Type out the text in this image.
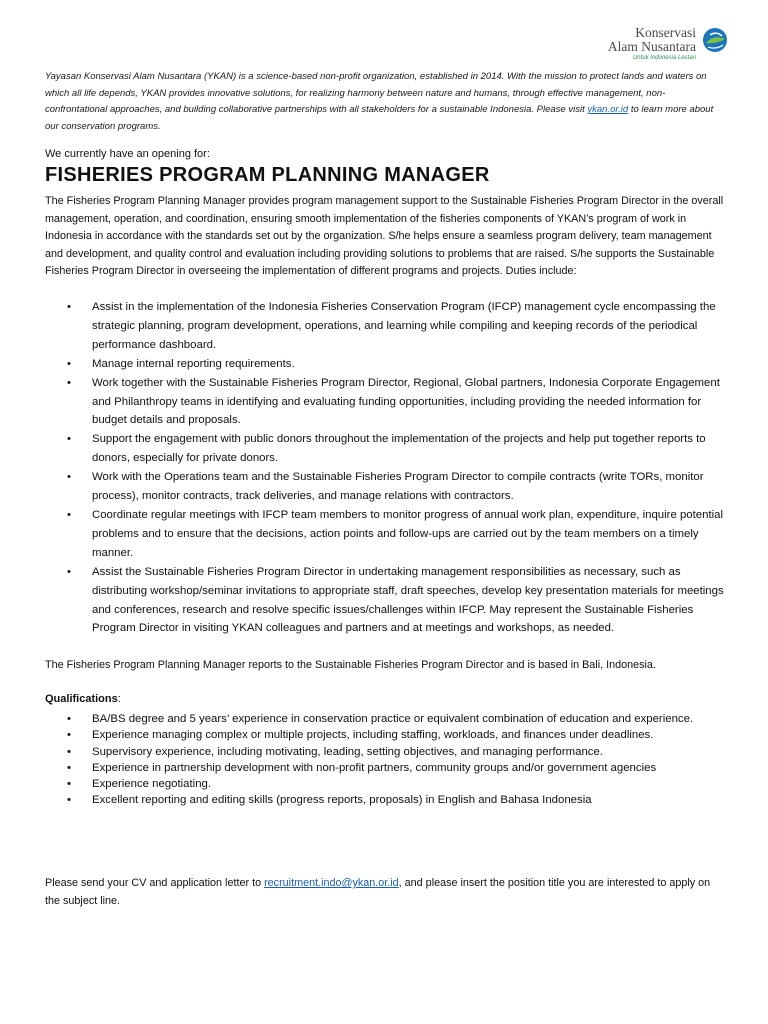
Konservasi
Alam Nusantara
Untuk Indonesia Lestari

Yayasan Konservasi Alam Nusantara (YKAN) is a science-based non-profit organization, established in 2014. With the mission to protect lands and waters on which all life depends, YKAN provides innovative solutions, for realizing harmony between nature and humans, through effective management, non-confrontational approaches, and building collaborative partnerships with all stakeholders for a sustainable Indonesia. Please visit ykan.or.id to learn more about our conservation programs.

We currently have an opening for:

FISHERIES PROGRAM PLANNING MANAGER

The Fisheries Program Planning Manager provides program management support to the Sustainable Fisheries Program Director in the overall management, operation, and coordination, ensuring smooth implementation of the fisheries components of YKAN’s program of work in Indonesia in accordance with the standards set out by the organization. S/he helps ensure a seamless program delivery, team management and development, and quality control and evaluation including providing solutions to problems that are raised. S/he supports the Sustainable Fisheries Program Director in overseeing the implementation of different programs and projects. Duties include:

• Assist in the implementation of the Indonesia Fisheries Conservation Program (IFCP) management cycle encompassing the strategic planning, program development, operations, and learning while compiling and keeping records of the periodical performance dashboard.
• Manage internal reporting requirements.
• Work together with the Sustainable Fisheries Program Director, Regional, Global partners, Indonesia Corporate Engagement and Philanthropy teams in identifying and evaluating funding opportunities, including providing the needed information for budget details and proposals.
• Support the engagement with public donors throughout the implementation of the projects and help put together reports to donors, especially for private donors.
• Work with the Operations team and the Sustainable Fisheries Program Director to compile contracts (write TORs, monitor process), monitor contracts, track deliveries, and manage relations with contractors.
• Coordinate regular meetings with IFCP team members to monitor progress of annual work plan, expenditure, inquire potential problems and to ensure that the decisions, action points and follow-ups are carried out by the team members on a timely manner.
• Assist the Sustainable Fisheries Program Director in undertaking management responsibilities as necessary, such as distributing workshop/seminar invitations to appropriate staff, draft speeches, develop key presentation materials for meetings and conferences, research and resolve specific issues/challenges within IFCP. May represent the Sustainable Fisheries Program Director in visiting YKAN colleagues and partners and at meetings and workshops, as needed.

The Fisheries Program Planning Manager reports to the Sustainable Fisheries Program Director and is based in Bali, Indonesia.

Qualifications:

• BA/BS degree and 5 years’ experience in conservation practice or equivalent combination of education and experience.
• Experience managing complex or multiple projects, including staffing, workloads, and finances under deadlines.
• Supervisory experience, including motivating, leading, setting objectives, and managing performance.
• Experience in partnership development with non-profit partners, community groups and/or government agencies
• Experience negotiating.
• Excellent reporting and editing skills (progress reports, proposals) in English and Bahasa Indonesia

Please send your CV and application letter to recruitment.indo@ykan.or.id, and please insert the position title you are interested to apply on the subject line.
